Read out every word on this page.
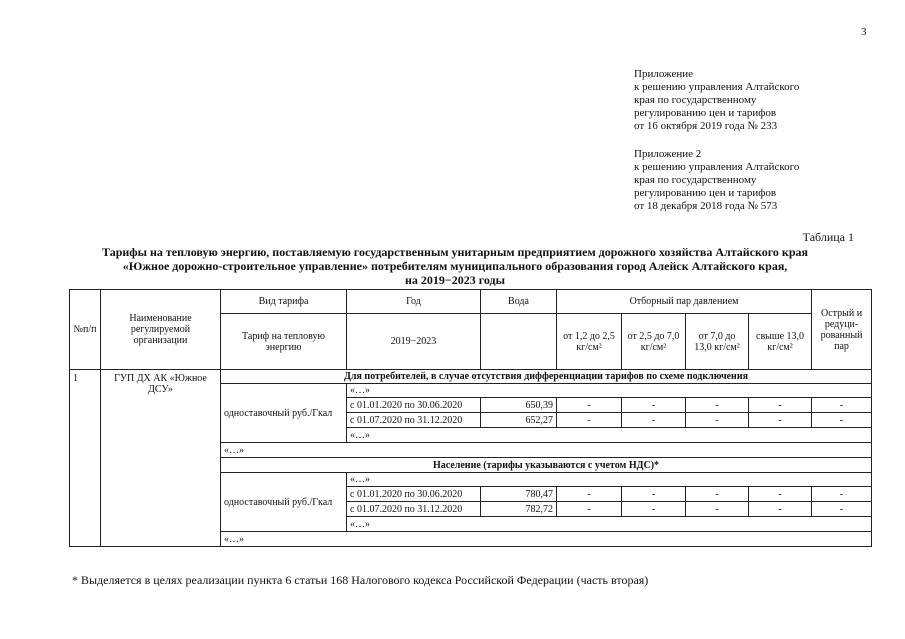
3
Приложение
к решению управления Алтайского
края по государственному
регулированию цен и тарифов
от 16 октября 2019 года № 233
Приложение 2
к решению управления Алтайского
края по государственному
регулированию цен и тарифов
от 18 декабря 2018 года № 573
Таблица 1
Тарифы на тепловую энергию, поставляемую государственным унитарным предприятием дорожного хозяйства Алтайского края
«Южное дорожно-строительное управление» потребителям муниципального образования город Алейск Алтайского края,
на 2019−2023 годы
№п/п	Наименование регулируемой организации	Вид тарифа	Год	Вода	Отборный пар давлением				Острый и редуци-рованный пар
		Тариф на тепловую энергию	2019−2023		от 1,2 до 2,5 кг/см²	от 2,5 до 7,0 кг/см²	от 7,0 до 13,0 кг/см²	свыше 13,0 кг/см²	
1	ГУП ДХ АК «Южное ДСУ»	Для потребителей, в случае отсутствия дифференциации тарифов по схеме подключения							
		одноставочный руб./Гкал	«…»						
			с 01.01.2020 по 30.06.2020	650,39	-	-	-	-	-
			с 01.07.2020 по 31.12.2020	652,27	-	-	-	-	-
			«…»						
		«…»							
		Население (тарифы указываются с учетом НДС)*							
		одноставочный руб./Гкал	«…»						
			с 01.01.2020 по 30.06.2020	780,47	-	-	-	-	-
			с 01.07.2020 по 31.12.2020	782,72	-	-	-	-	-
			«…»						
		«…»							
* Выделяется в целях реализации пункта 6 статьи 168 Налогового кодекса Российской Федерации (часть вторая)
